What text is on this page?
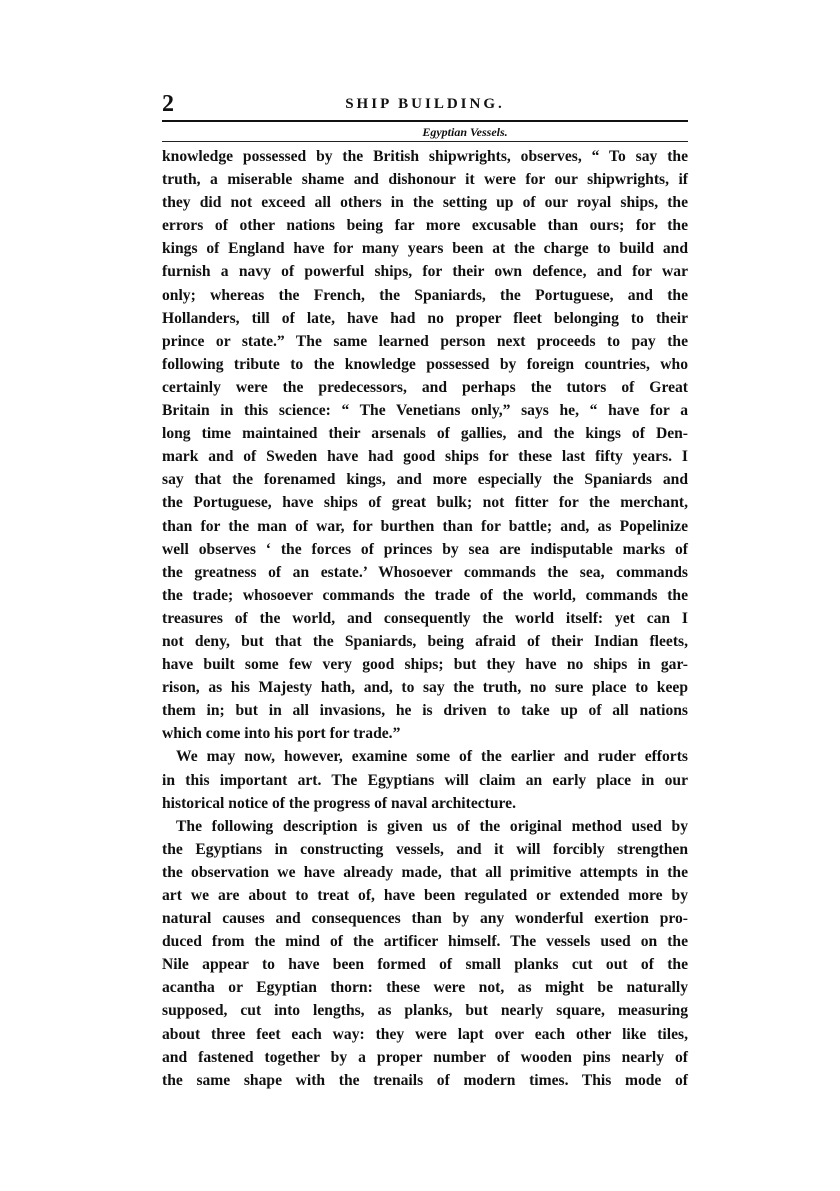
2	SHIP BUILDING.
Egyptian Vessels.
knowledge possessed by the British shipwrights, observes, “ To say the
truth, a miserable shame and dishonour it were for our shipwrights, if
they did not exceed all others in the setting up of our royal ships, the
errors of other nations being far more excusable than ours; for the
kings of England have for many years been at the charge to build and
furnish a navy of powerful ships, for their own defence, and for war
only; whereas the French, the Spaniards, the Portuguese, and the
Hollanders, till of late, have had no proper fleet belonging to their
prince or state.” The same learned person next proceeds to pay the
following tribute to the knowledge possessed by foreign countries, who
certainly were the predecessors, and perhaps the tutors of Great
Britain in this science: “ The Venetians only,” says he, “ have for a
long time maintained their arsenals of gallies, and the kings of Den-
mark and of Sweden have had good ships for these last fifty years. I
say that the forenamed kings, and more especially the Spaniards and
the Portuguese, have ships of great bulk; not fitter for the merchant,
than for the man of war, for burthen than for battle; and, as Popelinize
well observes ‘ the forces of princes by sea are indisputable marks of
the greatness of an estate.’ Whosoever commands the sea, commands
the trade; whosoever commands the trade of the world, commands the
treasures of the world, and consequently the world itself: yet can I
not deny, but that the Spaniards, being afraid of their Indian fleets,
have built some few very good ships; but they have no ships in gar-
rison, as his Majesty hath, and, to say the truth, no sure place to keep
them in; but in all invasions, he is driven to take up of all nations
which come into his port for trade.”
We may now, however, examine some of the earlier and ruder efforts
in this important art. The Egyptians will claim an early place in our
historical notice of the progress of naval architecture.
The following description is given us of the original method used by
the Egyptians in constructing vessels, and it will forcibly strengthen
the observation we have already made, that all primitive attempts in the
art we are about to treat of, have been regulated or extended more by
natural causes and consequences than by any wonderful exertion pro-
duced from the mind of the artificer himself. The vessels used on the
Nile appear to have been formed of small planks cut out of the
acantha or Egyptian thorn: these were not, as might be naturally
supposed, cut into lengths, as planks, but nearly square, measuring
about three feet each way: they were lapt over each other like tiles,
and fastened together by a proper number of wooden pins nearly of
the same shape with the trenails of modern times. This mode of
